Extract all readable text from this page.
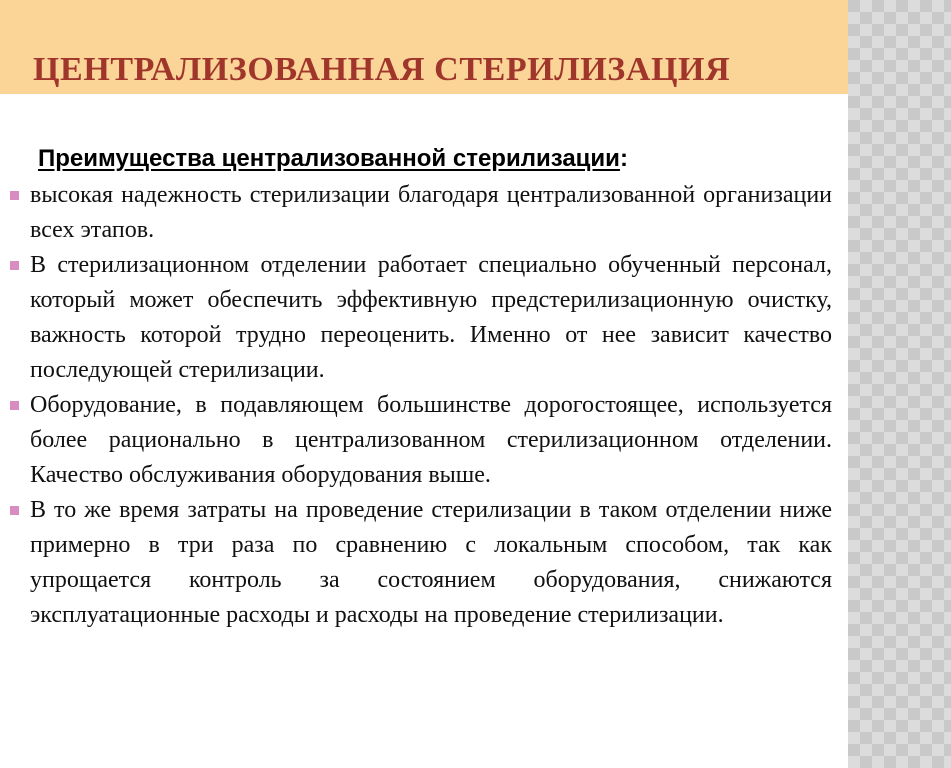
ЦЕНТРАЛИЗОВАННАЯ СТЕРИЛИЗАЦИЯ

Преимущества централизованной стерилизации:

высокая надежность стерилизации благодаря централизованной организации всех этапов.
В стерилизационном отделении работает специально обученный персонал, который может обеспечить эффективную предстерилизационную очистку, важность которой трудно переоценить. Именно от нее зависит качество последующей стерилизации.
Оборудование, в подавляющем большинстве дорогостоящее, используется более рационально в централизованном стерилизационном отделении. Качество обслуживания оборудования выше.
В то же время затраты на проведение стерилизации в таком отделении ниже примерно в три раза по сравнению с локальным способом, так как упрощается контроль за состоянием оборудования, снижаются эксплуатационные расходы и расходы на проведение стерилизации.
